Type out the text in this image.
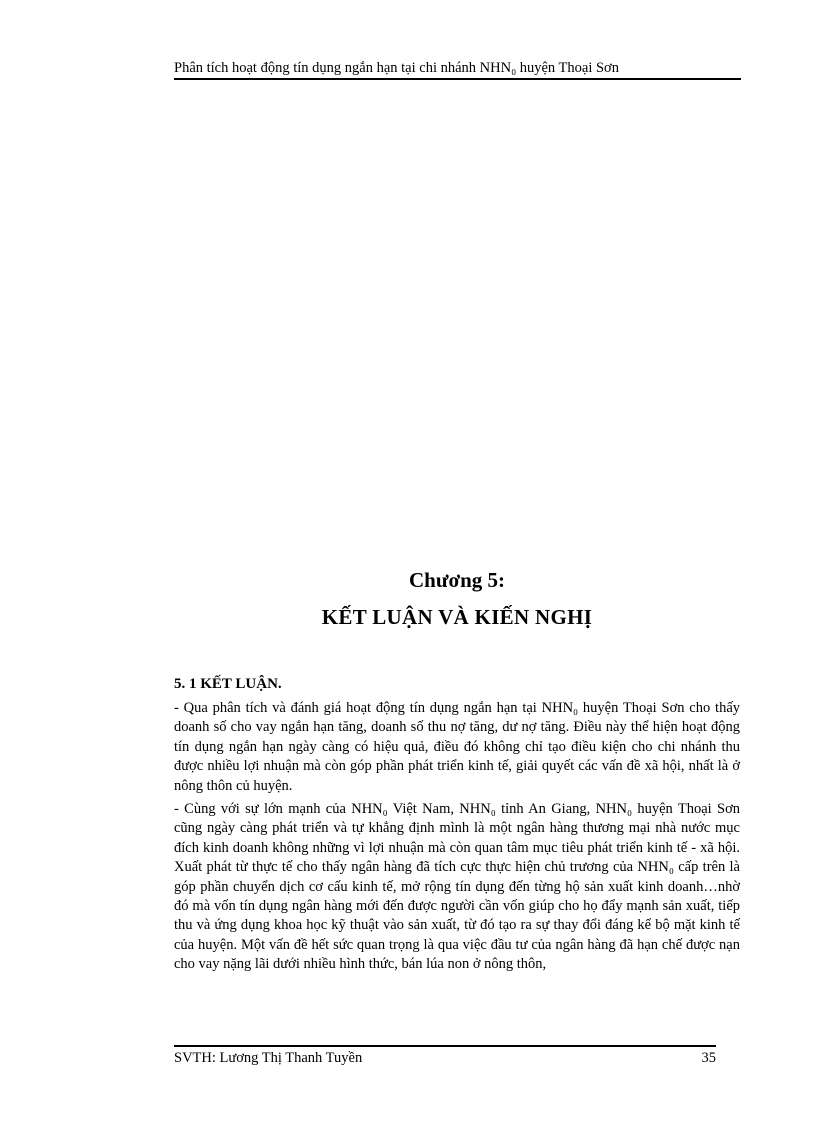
Phân tích hoạt động tín dụng ngắn hạn tại chi nhánh NHN₀ huyện Thoại Sơn
Chương 5:
KẾT LUẬN VÀ KIẾN NGHỊ
5. 1 KẾT LUẬN.

- Qua phân tích và đánh giá hoạt động tín dụng ngắn hạn tại NHN₀ huyện Thoại Sơn cho thấy doanh số cho vay ngắn hạn tăng, doanh số thu nợ tăng, dư nợ tăng. Điều này thể hiện hoạt động tín dụng ngắn hạn ngày càng có hiệu quả, điều đó không chỉ tạo điều kiện cho chi nhánh thu được nhiều lợi nhuận mà còn góp phần phát triển kinh tế, giải quyết các vấn đề xã hội, nhất là ở nông thôn củ huyện.

- Cùng với sự lớn mạnh của NHN₀ Việt Nam, NHN₀ tỉnh An Giang, NHN₀ huyện Thoại Sơn cũng ngày càng phát triển và tự khẳng định mình là một ngân hàng thương mại nhà nước mục đích kinh doanh không những vì lợi nhuận mà còn quan tâm mục tiêu phát triển kinh tế - xã hội. Xuất phát từ thực tế cho thấy ngân hàng đã tích cực thực hiện chủ trương của NHN₀ cấp trên là góp phần chuyển dịch cơ cấu kinh tế, mở rộng tín dụng đến từng hộ sản xuất kinh doanh…nhờ đó mà vốn tín dụng ngân hàng mới đến được người cần vốn giúp cho họ đẩy mạnh sản xuất, tiếp thu và ứng dụng khoa học kỹ thuật vào sản xuất, từ đó tạo ra sự thay đổi đáng kể bộ mặt kinh tế của huyện. Một vấn đề hết sức quan trọng là qua việc đầu tư của ngân hàng đã hạn chế được nạn cho vay nặng lãi dưới nhiều hình thức, bán lúa non ở nông thôn,

SVTH: Lương Thị Thanh Tuyền	35
